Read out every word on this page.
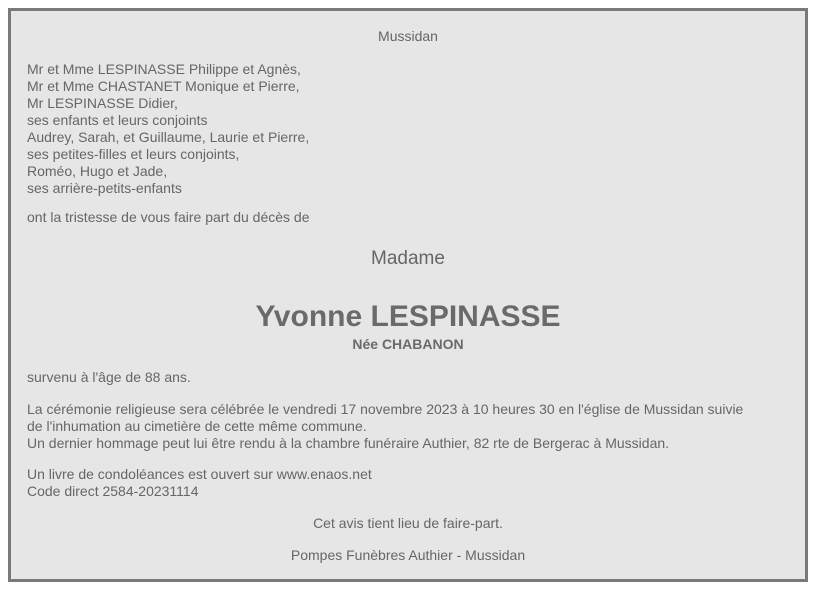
Mussidan
Mr et Mme LESPINASSE Philippe et Agnès,
Mr et Mme CHASTANET Monique et Pierre,
Mr LESPINASSE Didier,
ses enfants et leurs conjoints
Audrey, Sarah, et Guillaume, Laurie et Pierre,
ses petites-filles et leurs conjoints,
Roméo, Hugo et Jade,
ses arrière-petits-enfants
ont la tristesse de vous faire part du décès de
Madame
Yvonne LESPINASSE
Née CHABANON
survenu à l'âge de 88 ans.
La cérémonie religieuse sera célébrée le vendredi 17 novembre 2023 à 10 heures 30 en l'église de Mussidan suivie
de l'inhumation au cimetière de cette même commune.
Un dernier hommage peut lui être rendu à la chambre funéraire Authier, 82 rte de Bergerac à Mussidan.
Un livre de condoléances est ouvert sur www.enaos.net
Code direct 2584-20231114
Cet avis tient lieu de faire-part.
Pompes Funèbres Authier - Mussidan
